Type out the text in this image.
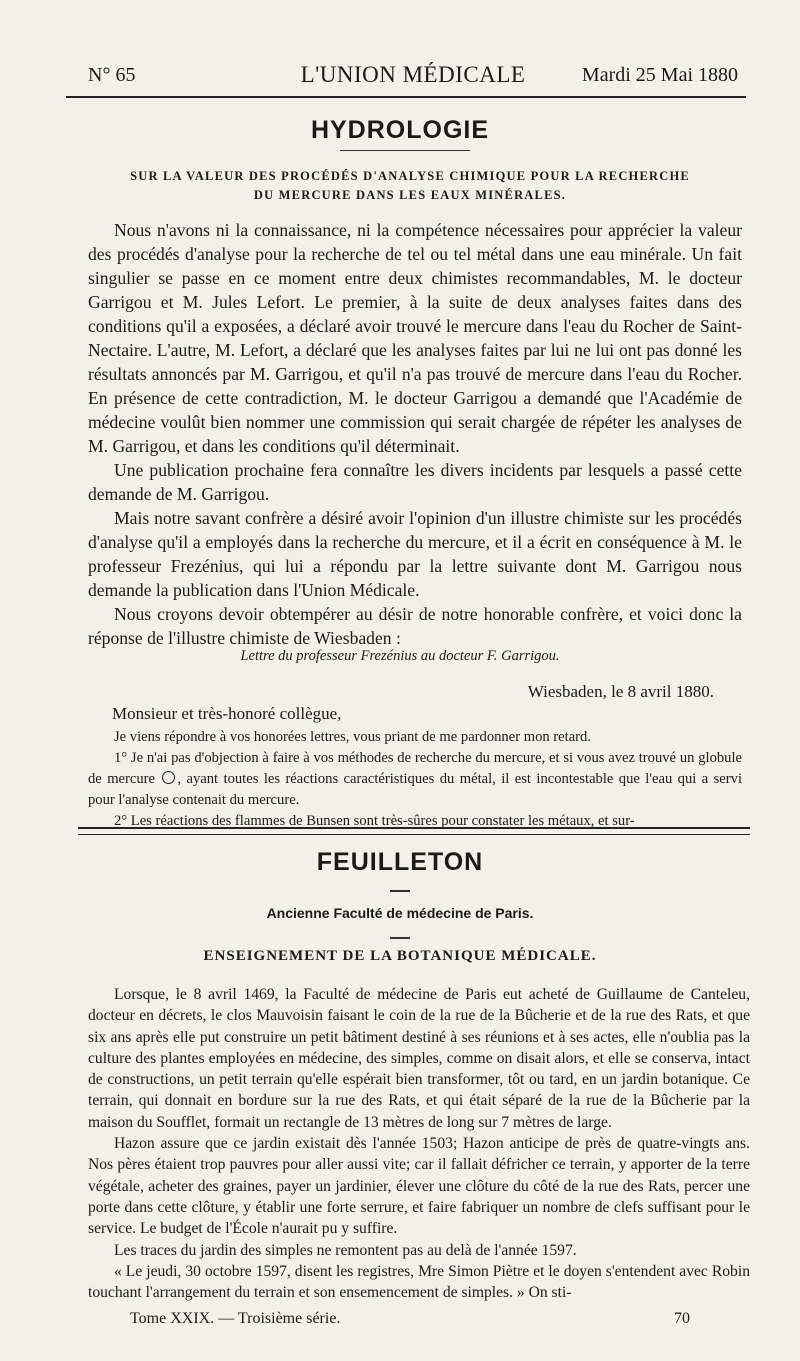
N° 65	L'UNION MÉDICALE	Mardi 25 Mai 1880
HYDROLOGIE
SUR LA VALEUR DES PROCÉDÉS D'ANALYSE CHIMIQUE POUR LA RECHERCHE
DU MERCURE DANS LES EAUX MINÉRALES.

Nous n'avons ni la connaissance, ni la compétence nécessaires pour apprécier la valeur des procédés d'analyse pour la recherche de tel ou tel métal dans une eau minérale. Un fait singulier se passe en ce moment entre deux chimistes recommandables, M. le docteur Garrigou et M. Jules Lefort. Le premier, à la suite de deux analyses faites dans des conditions qu'il a exposées, a déclaré avoir trouvé le mercure dans l'eau du Rocher de Saint-Nectaire. L'autre, M. Lefort, a déclaré que les analyses faites par lui ne lui ont pas donné les résultats annoncés par M. Garrigou, et qu'il n'a pas trouvé de mercure dans l'eau du Rocher. En présence de cette contradiction, M. le docteur Garrigou a demandé que l'Académie de médecine voulût bien nommer une commission qui serait chargée de répéter les analyses de M. Garrigou, et dans les conditions qu'il déterminait.

Une publication prochaine fera connaître les divers incidents par lesquels a passé cette demande de M. Garrigou.

Mais notre savant confrère a désiré avoir l'opinion d'un illustre chimiste sur les procédés d'analyse qu'il a employés dans la recherche du mercure, et il a écrit en conséquence à M. le professeur Frezénius, qui lui a répondu par la lettre suivante dont M. Garrigou nous demande la publication dans l'Union Médicale.

Nous croyons devoir obtempérer au désir de notre honorable confrère, et voici donc la réponse de l'illustre chimiste de Wiesbaden :

Lettre du professeur Frezénius au docteur F. Garrigou.
Wiesbaden, le 8 avril 1880.
Monsieur et très-honoré collègue,

Je viens répondre à vos honorées lettres, vous priant de me pardonner mon retard.

1° Je n'ai pas d'objection à faire à vos méthodes de recherche du mercure, et si vous avez trouvé un globule de mercure , ayant toutes les réactions caractéristiques du métal, il est incontestable que l'eau qui a servi pour l'analyse contenait du mercure.

2° Les réactions des flammes de Bunsen sont très-sûres pour constater les métaux, et sur-

FEUILLETON
Ancienne Faculté de médecine de Paris.
ENSEIGNEMENT DE LA BOTANIQUE MÉDICALE.

Lorsque, le 8 avril 1469, la Faculté de médecine de Paris eut acheté de Guillaume de Canteleu, docteur en décrets, le clos Mauvoisin faisant le coin de la rue de la Bûcherie et de la rue des Rats, et que six ans après elle put construire un petit bâtiment destiné à ses réunions et à ses actes, elle n'oublia pas la culture des plantes employées en médecine, des simples, comme on disait alors, et elle se conserva, intact de constructions, un petit terrain qu'elle espérait bien transformer, tôt ou tard, en un jardin botanique. Ce terrain, qui donnait en bordure sur la rue des Rats, et qui était séparé de la rue de la Bûcherie par la maison du Soufflet, formait un rectangle de 13 mètres de long sur 7 mètres de large.

Hazon assure que ce jardin existait dès l'année 1503; Hazon anticipe de près de quatre-vingts ans. Nos pères étaient trop pauvres pour aller aussi vite; car il fallait défricher ce terrain, y apporter de la terre végétale, acheter des graines, payer un jardinier, élever une clôture du côté de la rue des Rats, percer une porte dans cette clôture, y établir une forte serrure, et faire fabriquer un nombre de clefs suffisant pour le service. Le budget de l'École n'aurait pu y suffire.

Les traces du jardin des simples ne remontent pas au delà de l'année 1597.

« Le jeudi, 30 octobre 1597, disent les registres, Mre Simon Piètre et le doyen s'entendent avec Robin touchant l'arrangement du terrain et son ensemencement de simples. » On sti-

Tome XXIX. — Troisième série.	70
